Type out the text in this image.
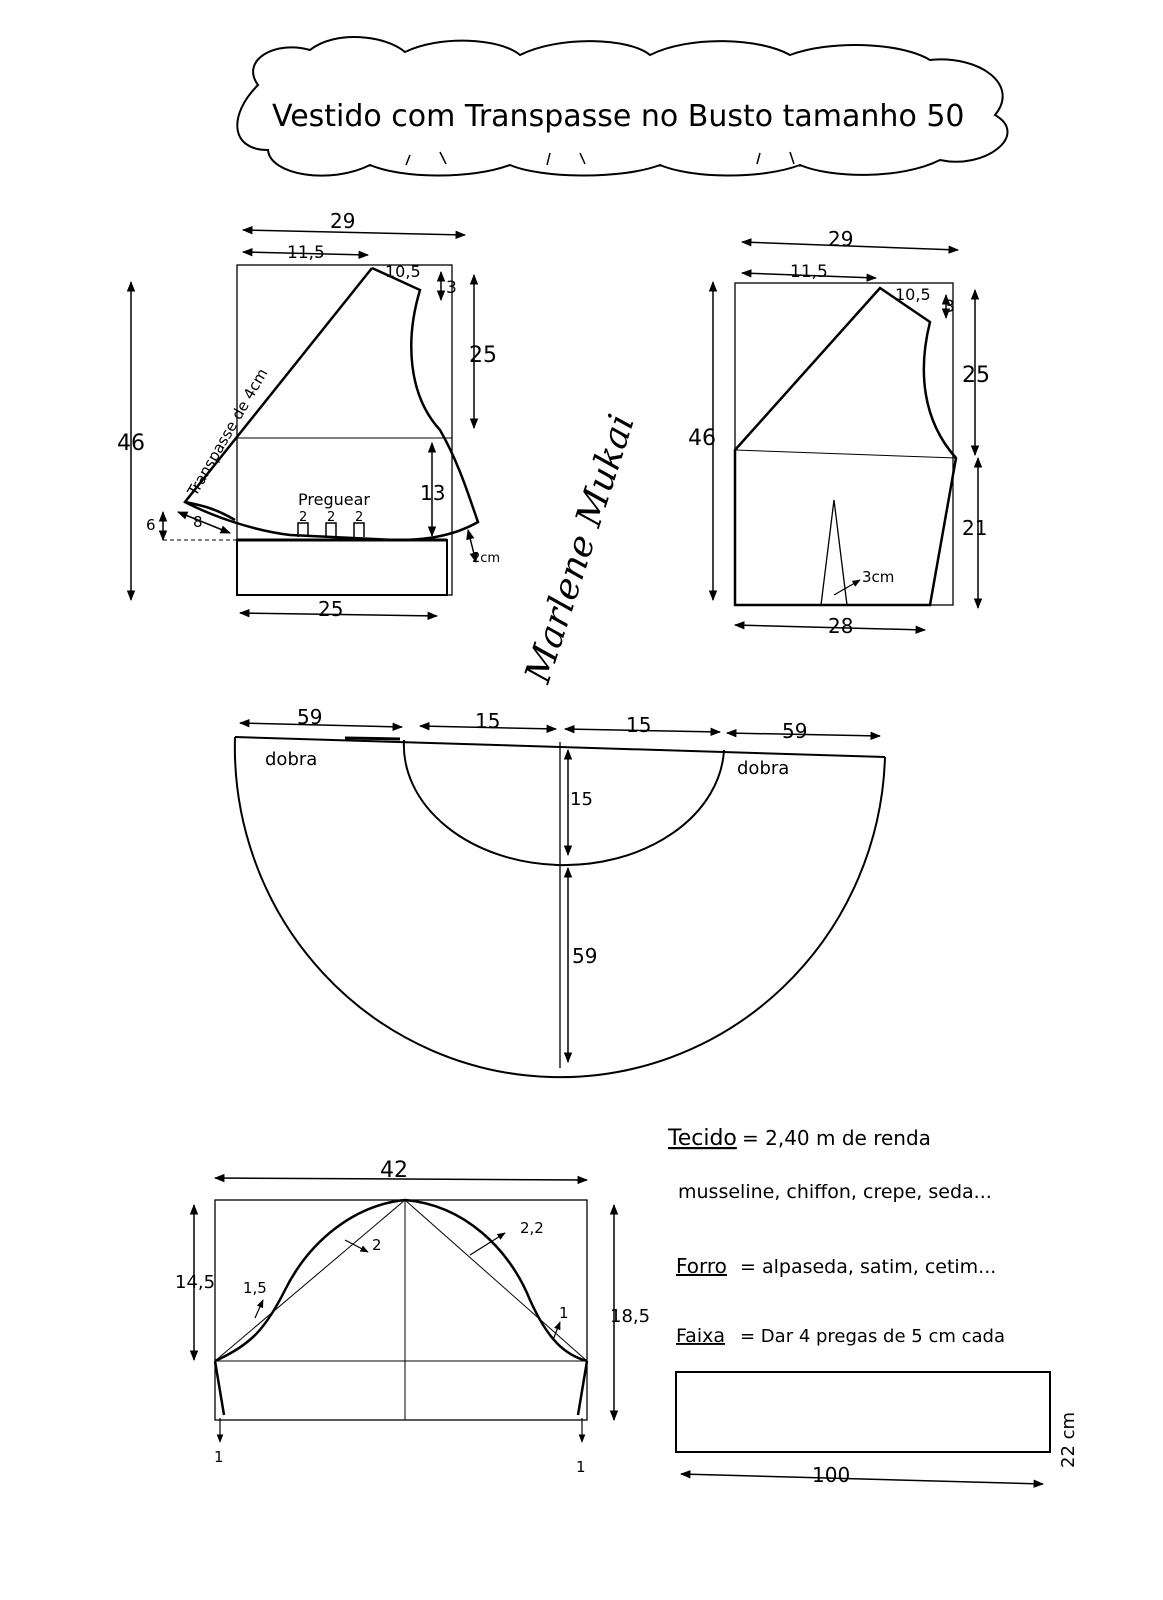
Vestido com Transpasse no Busto tamanho 50
29
11,5
10,5
3
25
46
13
Transpasse de 4cm
Preguear
2 2 2
6 8
2cm
25
29
11,5
10,5
3
25
46
21
3cm
28
Marlene Mukai
59	15	15	59
dobra	dobra
15
59
42
14,5
18,5
1,5
2
2,2
1
1
1
Tecido = 2,40 m de renda
musseline, chiffon, crepe, seda...
Forro = alpaseda, satim, cetim...
Faixa = Dar 4 pregas de 5 cm cada
100
22 cm
